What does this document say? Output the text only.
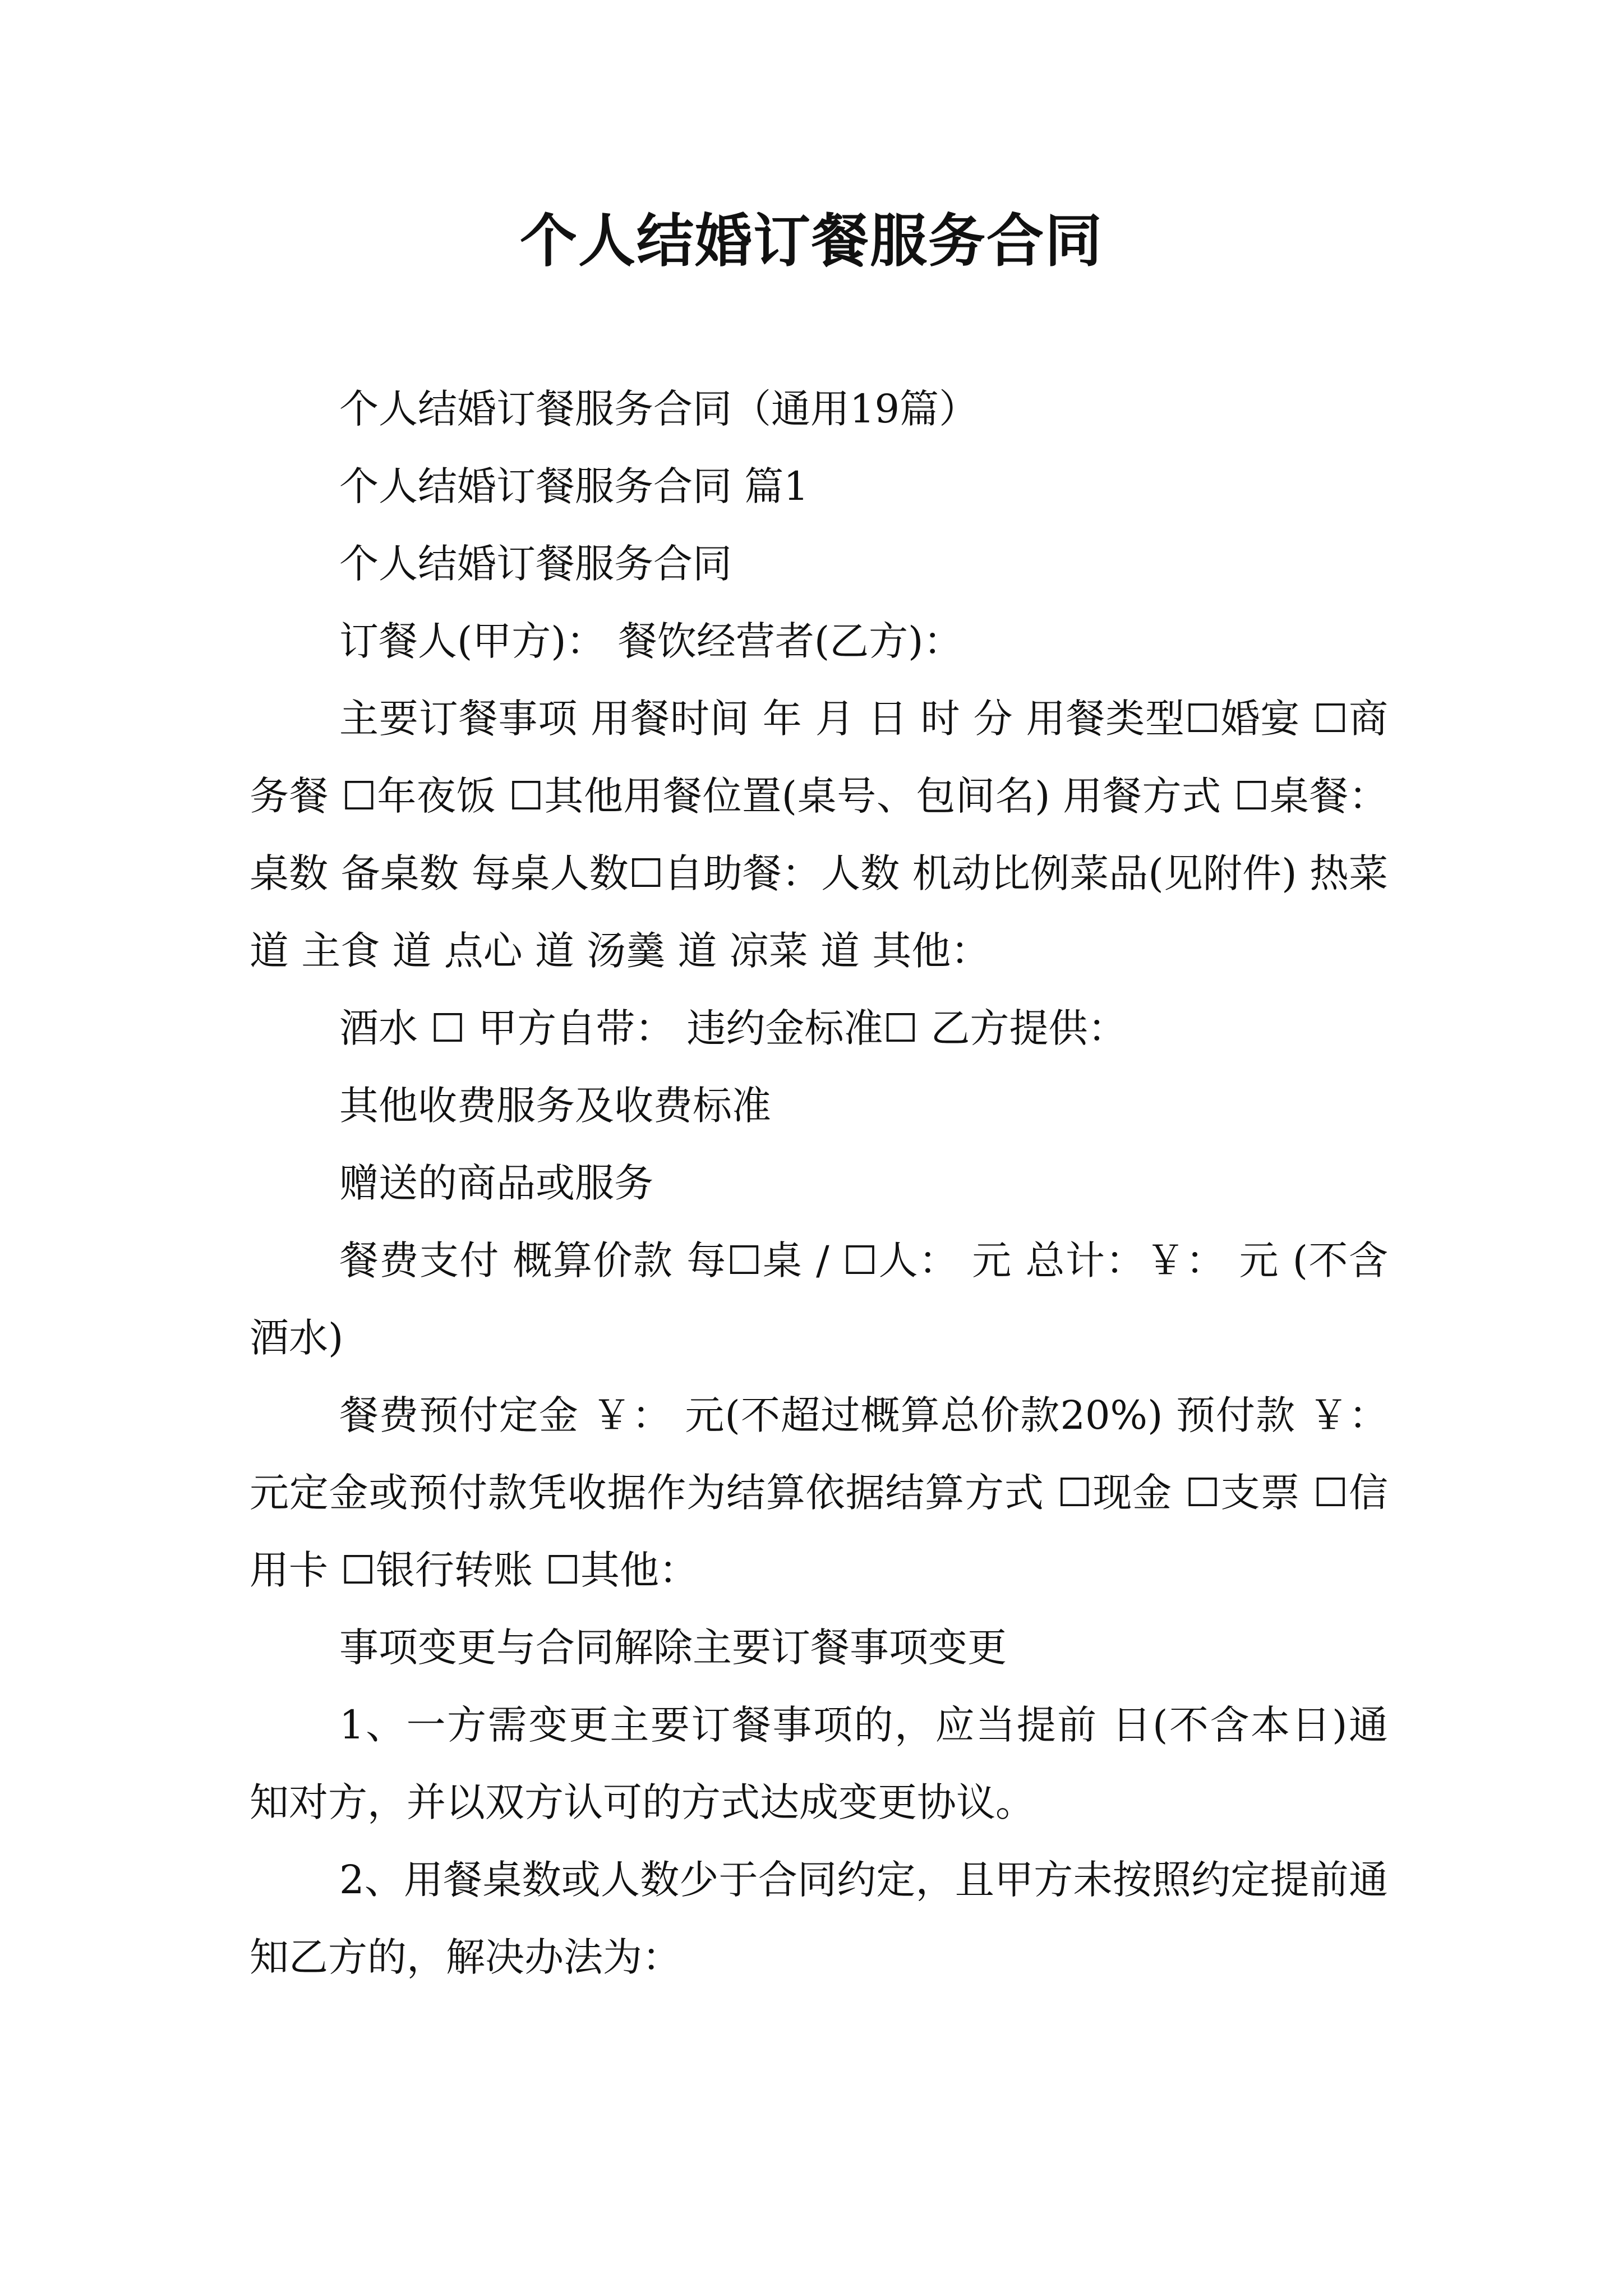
个人结婚订餐服务合同

个人结婚订餐服务合同（通用19篇）

个人结婚订餐服务合同 篇1

个人结婚订餐服务合同

订餐人(甲方)： 餐饮经营者(乙方)：

主要订餐事项 用餐时间 年 月 日 时 分 用餐类型☐婚宴 ☐商务餐 ☐年夜饭 ☐其他用餐位置(桌号、包间名) 用餐方式 ☐桌餐：桌数 备桌数 每桌人数☐自助餐：人数 机动比例菜品(见附件) 热菜 道 主食 道 点心 道 汤羹 道 凉菜 道 其他：

酒水 ☐ 甲方自带： 违约金标准☐ 乙方提供：

其他收费服务及收费标准

赠送的商品或服务

餐费支付 概算价款 每☐桌 / ☐人： 元 总计：￥： 元 (不含酒水)

餐费预付定金 ￥： 元(不超过概算总价款20%) 预付款 ￥： 元定金或预付款凭收据作为结算依据结算方式 ☐现金 ☐支票 ☐信用卡 ☐银行转账 ☐其他：

事项变更与合同解除主要订餐事项变更

1、一方需变更主要订餐事项的，应当提前 日(不含本日)通知对方，并以双方认可的方式达成变更协议。

2、用餐桌数或人数少于合同约定，且甲方未按照约定提前通知乙方的，解决办法为：
